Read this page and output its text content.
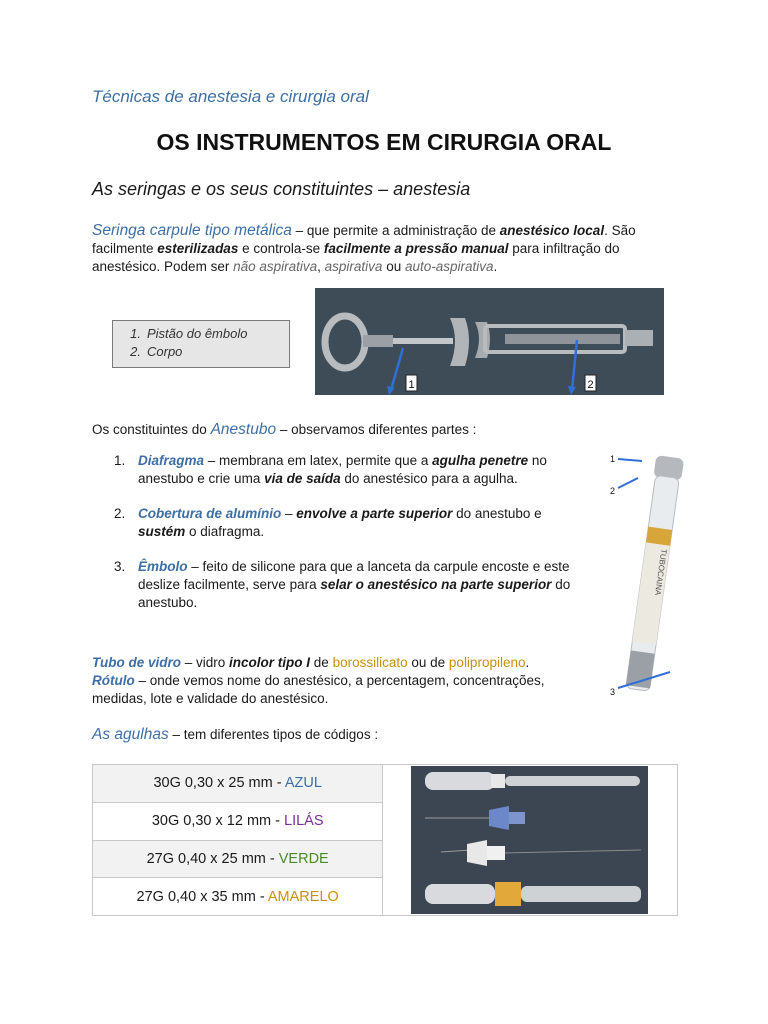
Técnicas de anestesia e cirurgia oral
OS INSTRUMENTOS EM CIRURGIA ORAL
As seringas e os seus constituintes – anestesia
Seringa carpule tipo metálica – que permite a administração de anestésico local. São facilmente esterilizadas e controla-se facilmente a pressão manual para infiltração do anestésico. Podem ser não aspirativa, aspirativa ou auto-aspirativa.
1. Pistão do êmbolo
2. Corpo
1	2
Os constituintes do Anestubo – observamos diferentes partes :
1. Diafragma – membrana em latex, permite que a agulha penetre no anestubo e crie uma via de saída do anestésico para a agulha.
2. Cobertura de alumínio – envolve a parte superior do anestubo e sustém o diafragma.
3. Êmbolo – feito de silicone para que a lanceta da carpule encoste e este deslize facilmente, serve para selar o anestésico na parte superior do anestubo.
TUBOCAINA
1
2
3
Tubo de vidro – vidro incolor tipo I de borossilicato ou de polipropileno.
Rótulo – onde vemos nome do anestésico, a percentagem, concentrações, medidas, lote e validade do anestésico.
As agulhas – tem diferentes tipos de códigos :
30G 0,30 x 25 mm - AZUL	

30G 0,30 x 12 mm - LILÁS
27G 0,40 x 25 mm - VERDE
27G 0,40 x 35 mm - AMARELO
